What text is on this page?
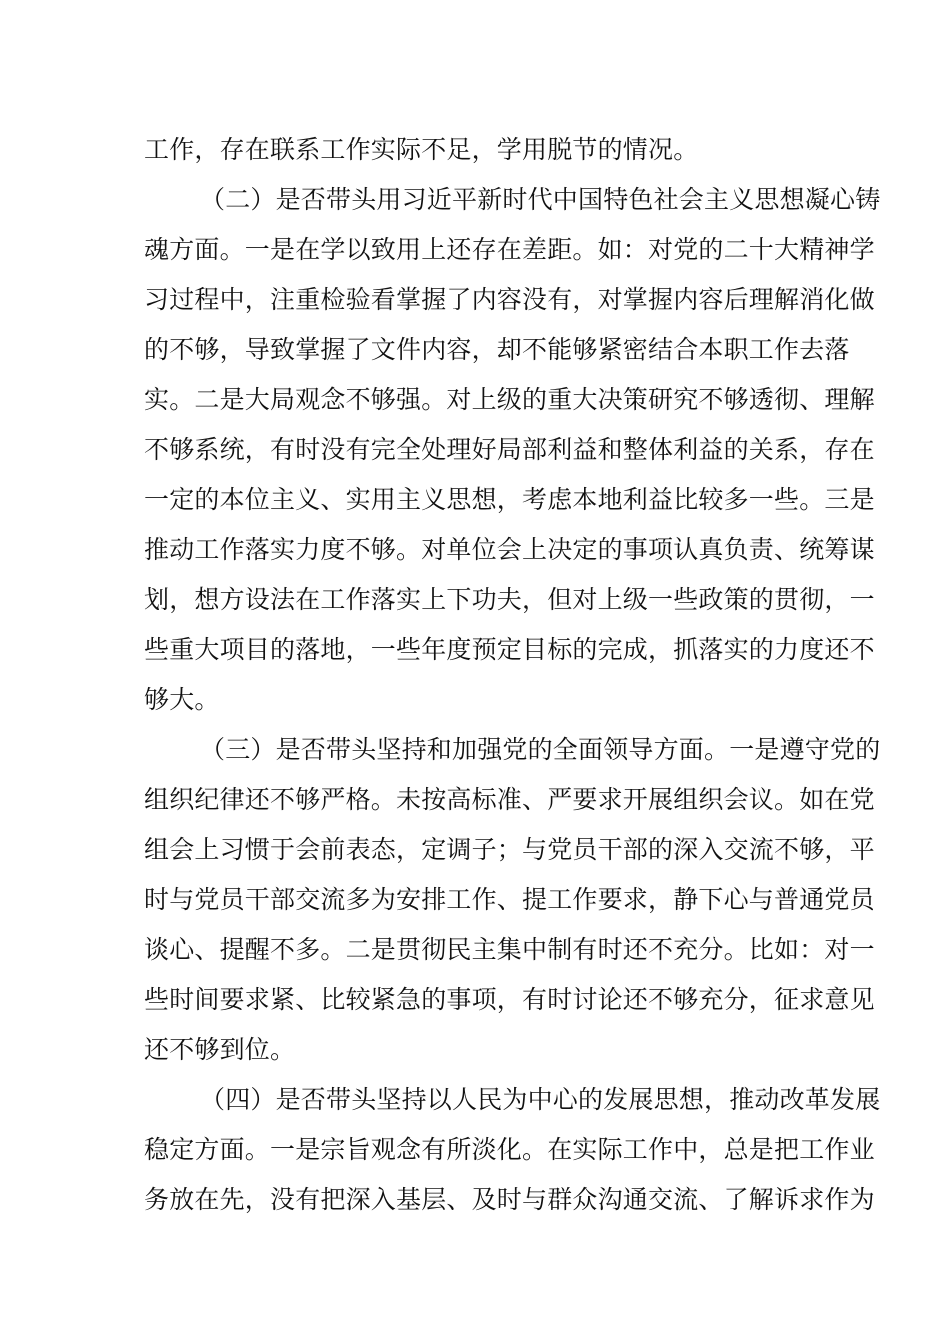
工作，存在联系工作实际不足，学用脱节的情况。
（二）是否带头用习近平新时代中国特色社会主义思想凝心铸
魂方面。一是在学以致用上还存在差距。如：对党的二十大精神学
习过程中，注重检验看掌握了内容没有，对掌握内容后理解消化做
的不够，导致掌握了文件内容，却不能够紧密结合本职工作去落
实。二是大局观念不够强。对上级的重大决策研究不够透彻、理解
不够系统，有时没有完全处理好局部利益和整体利益的关系，存在
一定的本位主义、实用主义思想，考虑本地利益比较多一些。三是
推动工作落实力度不够。对单位会上决定的事项认真负责、统筹谋
划，想方设法在工作落实上下功夫，但对上级一些政策的贯彻，一
些重大项目的落地，一些年度预定目标的完成，抓落实的力度还不
够大。
（三）是否带头坚持和加强党的全面领导方面。一是遵守党的
组织纪律还不够严格。未按高标准、严要求开展组织会议。如在党
组会上习惯于会前表态，定调子；与党员干部的深入交流不够，平
时与党员干部交流多为安排工作、提工作要求，静下心与普通党员
谈心、提醒不多。二是贯彻民主集中制有时还不充分。比如：对一
些时间要求紧、比较紧急的事项，有时讨论还不够充分，征求意见
还不够到位。
（四）是否带头坚持以人民为中心的发展思想，推动改革发展
稳定方面。一是宗旨观念有所淡化。在实际工作中，总是把工作业
务放在先，没有把深入基层、及时与群众沟通交流、了解诉求作为
